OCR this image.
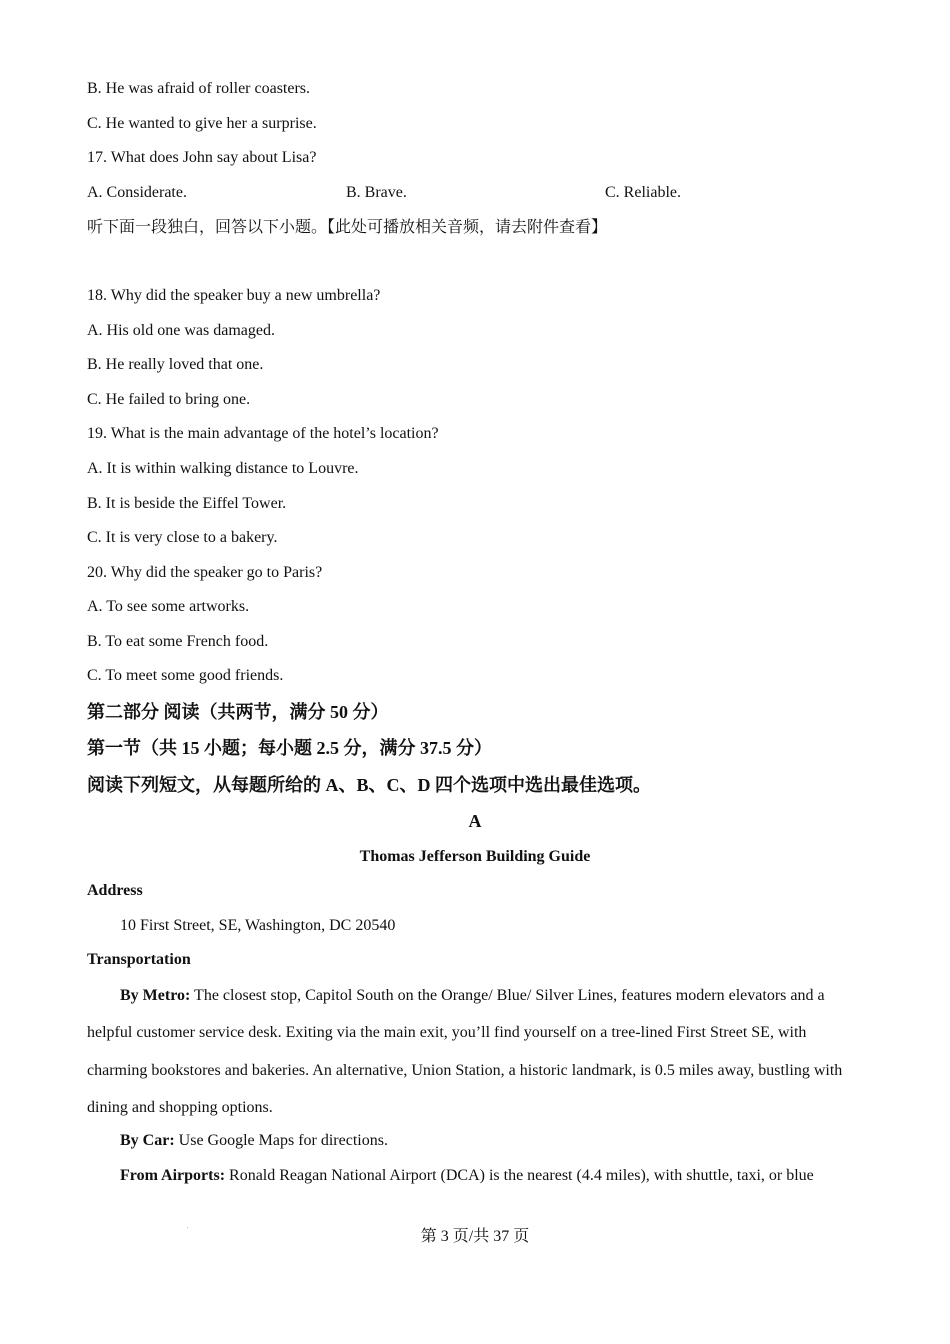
B. He was afraid of roller coasters.
C. He wanted to give her a surprise.
17. What does John say about Lisa?
A. Considerate.	B. Brave.	C. Reliable.
听下面一段独白，回答以下小题。【此处可播放相关音频，请去附件查看】
18. Why did the speaker buy a new umbrella?
A. His old one was damaged.
B. He really loved that one.
C. He failed to bring one.
19. What is the main advantage of the hotel’s location?
A. It is within walking distance to Louvre.
B. It is beside the Eiffel Tower.
C. It is very close to a bakery.
20. Why did the speaker go to Paris?
A. To see some artworks.
B. To eat some French food.
C. To meet some good friends.
第二部分 阅读（共两节，满分 50 分）
第一节（共 15 小题；每小题 2.5 分，满分 37.5 分）
阅读下列短文，从每题所给的 A、B、C、D 四个选项中选出最佳选项。
A
Thomas Jefferson Building Guide
Address
10 First Street, SE, Washington, DC 20540
Transportation
By Metro: The closest stop, Capitol South on the Orange/ Blue/ Silver Lines, features modern elevators and a helpful customer service desk. Exiting via the main exit, you’ll find yourself on a tree-lined First Street SE, with charming bookstores and bakeries. An alternative, Union Station, a historic landmark, is 0.5 miles away, bustling with dining and shopping options.
By Car: Use Google Maps for directions.
From Airports: Ronald Reagan National Airport (DCA) is the nearest (4.4 miles), with shuttle, taxi, or blue
第 3 页/共 37 页
